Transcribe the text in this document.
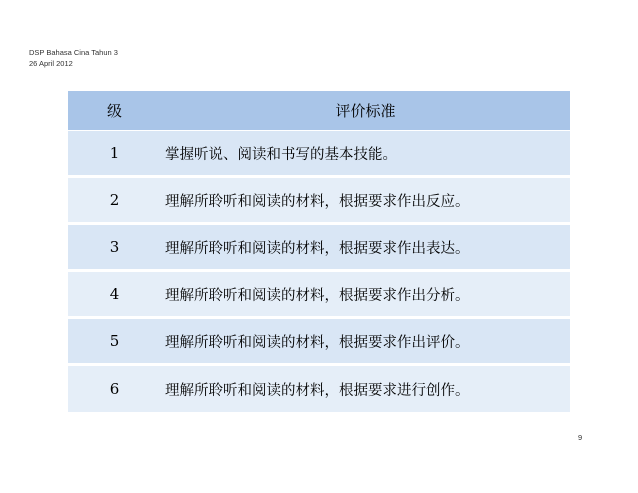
DSP Bahasa Cina Tahun 3
26 April 2012
级	评价标准
1	掌握听说、阅读和书写的基本技能。
2	理解所聆听和阅读的材料，根据要求作出反应。
3	理解所聆听和阅读的材料，根据要求作出表达。
4	理解所聆听和阅读的材料，根据要求作出分析。
5	理解所聆听和阅读的材料，根据要求作出评价。
6	理解所聆听和阅读的材料，根据要求进行创作。
9
